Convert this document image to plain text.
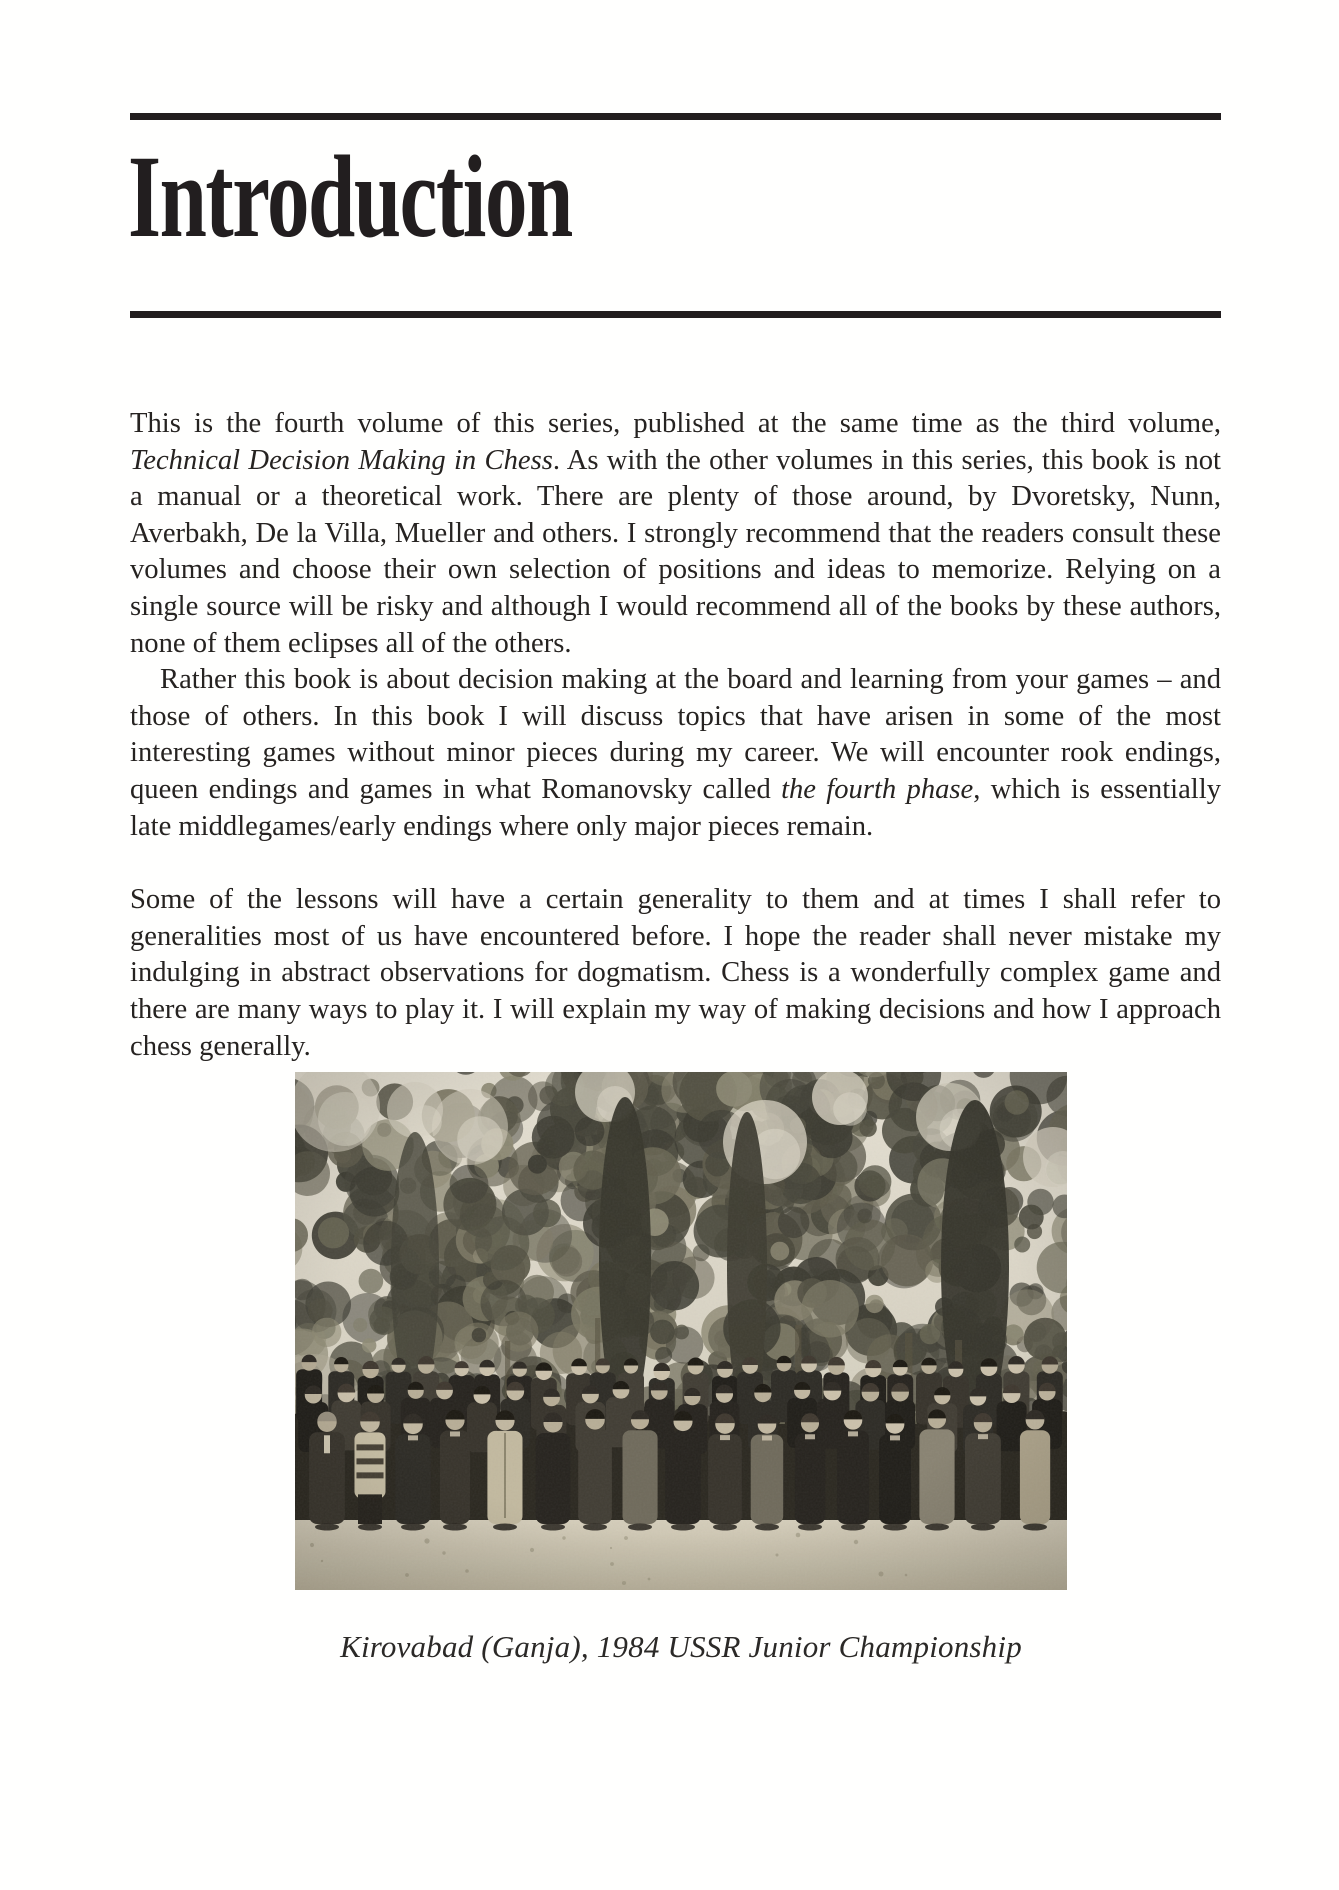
Introduction

This is the fourth volume of this series, published at the same time as the third volume, Technical Decision Making in Chess. As with the other volumes in this series, this book is not a manual or a theoretical work. There are plenty of those around, by Dvoretsky, Nunn, Averbakh, De la Villa, Mueller and others. I strongly recommend that the readers consult these volumes and choose their own selection of positions and ideas to memorize. Relying on a single source will be risky and although I would recommend all of the books by these authors, none of them eclipses all of the others.

Rather this book is about decision making at the board and learning from your games – and those of others. In this book I will discuss topics that have arisen in some of the most interesting games without minor pieces during my career. We will encounter rook endings, queen endings and games in what Romanovsky called the fourth phase, which is essentially late middlegames/early endings where only major pieces remain.

Some of the lessons will have a certain generality to them and at times I shall refer to generalities most of us have encountered before. I hope the reader shall never mistake my indulging in abstract observations for dogmatism. Chess is a wonderfully complex game and there are many ways to play it. I will explain my way of making decisions and how I approach chess generally.

Kirovabad (Ganja), 1984 USSR Junior Championship
